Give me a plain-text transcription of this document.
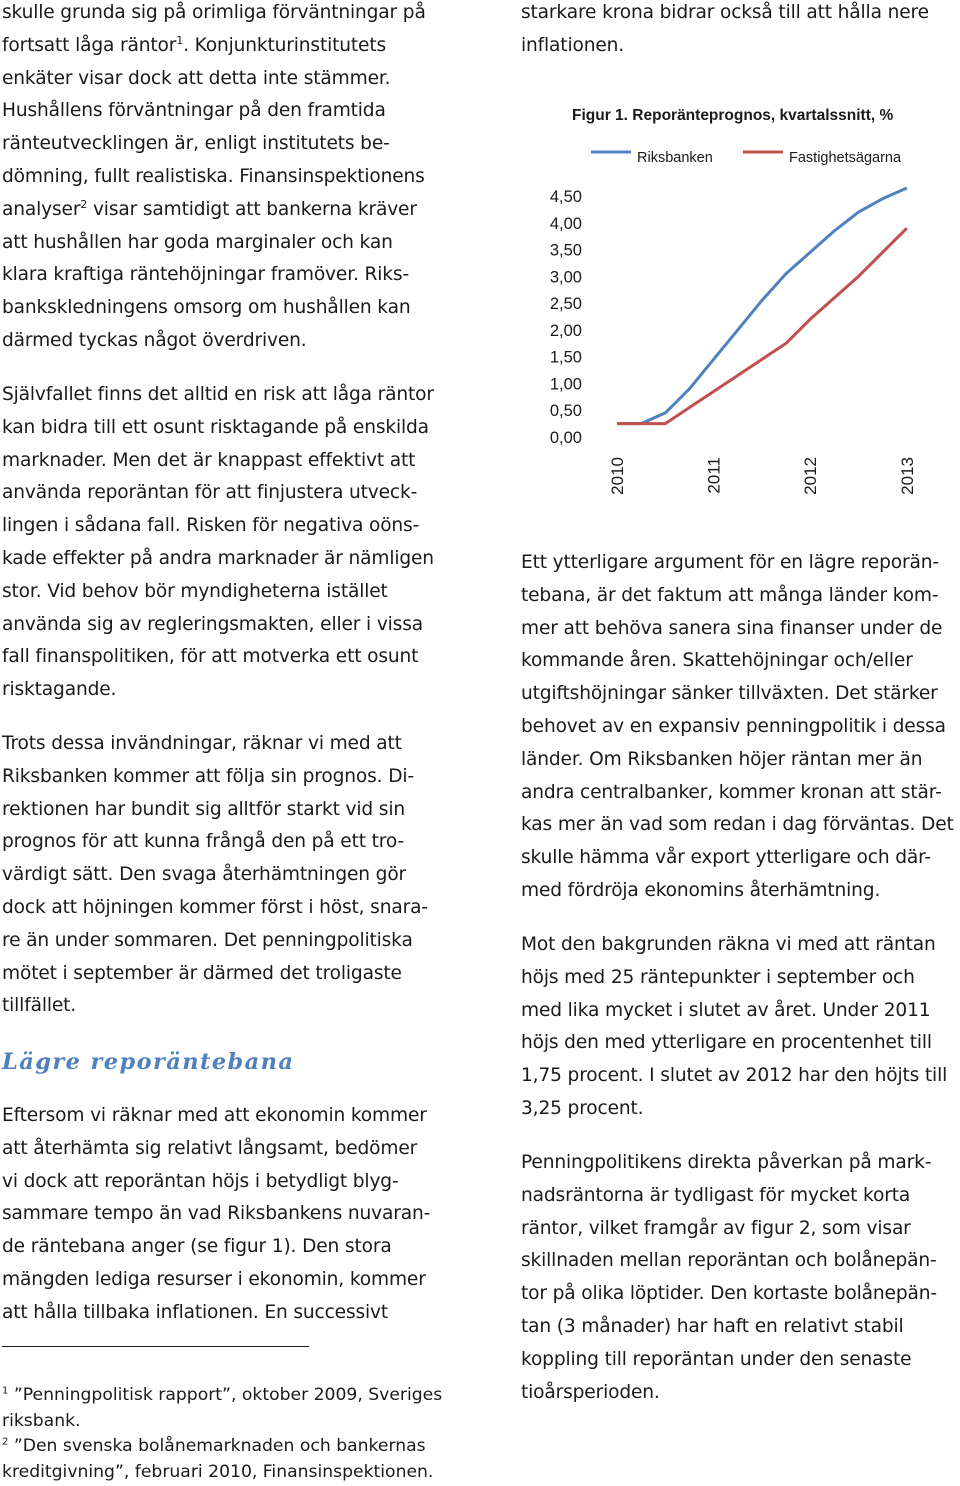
skulle grunda sig på orimliga förväntningar på
fortsatt låga räntor$^1$. Konjunkturinstitutets
enkäter visar dock att detta inte stämmer.
Hushållens förväntningar på den framtida
ränteutvecklingen är, enligt institutets be-
dömning, fullt realistiska. Finansinspektionens
analyser$^2$ visar samtidigt att bankerna kräver
att hushållen har goda marginaler och kan
klara kraftiga räntehöjningar framöver. Riks-
bankskledningens omsorg om hushållen kan
därmed tyckas något överdriven.

Självfallet finns det alltid en risk att låga räntor
kan bidra till ett osunt risktagande på enskilda
marknader. Men det är knappast effektivt att
använda reporäntan för att finjustera utveck-
lingen i sådana fall. Risken för negativa oöns-
kade effekter på andra marknader är nämligen
stor. Vid behov bör myndigheterna istället
använda sig av regleringsmakten, eller i vissa
fall finanspolitiken, för att motverka ett osunt
risktagande.

Trots dessa invändningar, räknar vi med att
Riksbanken kommer att följa sin prognos. Di-
rektionen har bundit sig alltför starkt vid sin
prognos för att kunna frångå den på ett tro-
värdigt sätt. Den svaga återhämtningen gör
dock att höjningen kommer först i höst, snara-
re än under sommaren. Det penningpolitiska
mötet i september är därmed det troligaste
tillfället.

Lägre reporäntebana

Eftersom vi räknar med att ekonomin kommer
att återhämta sig relativt långsamt, bedömer
vi dock att reporäntan höjs i betydligt blyg-
sammare tempo än vad Riksbankens nuvaran-
de räntebana anger (se figur 1). Den stora
mängden lediga resurser i ekonomin, kommer
att hålla tillbaka inflationen. En successivt

$^1$ ”Penningpolitisk rapport”, oktober 2009, Sveriges
riksbank.
$^2$ ”Den svenska bolånemarknaden och bankernas
kreditgivning”, februari 2010, Finansinspektionen.

starkare krona bidrar också till att hålla nere
inflationen.

Ett ytterligare argument för en lägre reporän-
tebana, är det faktum att många länder kom-
mer att behöva sanera sina finanser under de
kommande åren. Skattehöjningar och/eller
utgiftshöjningar sänker tillväxten. Det stärker
behovet av en expansiv penningpolitik i dessa
länder. Om Riksbanken höjer räntan mer än
andra centralbanker, kommer kronan att stär-
kas mer än vad som redan i dag förväntas. Det
skulle hämma vår export ytterligare och där-
med fördröja ekonomins återhämtning.

Mot den bakgrunden räkna vi med att räntan
höjs med 25 räntepunkter i september och
med lika mycket i slutet av året. Under 2011
höjs den med ytterligare en procentenhet till
1,75 procent. I slutet av 2012 har den höjts till
3,25 procent.

Penningpolitikens direkta påverkan på mark-
nadsräntorna är tydligast för mycket korta
räntor, vilket framgår av figur 2, som visar
skillnaden mellan reporäntan och bolåneрän-
tor på olika löptider. Den kortaste bolåneрän-
tan (3 månader) har haft en relativt stabil
koppling till reporäntan under den senaste
tioårsperioden.

Figur 1. Reporänteprognos, kvartalssnitt, %
Riksbanken	Fastighetsägarna
4,50
4,00
3,50
3,00
2,50
2,00
1,50
1,00
0,50
0,00
2010	2011	2012	2013
